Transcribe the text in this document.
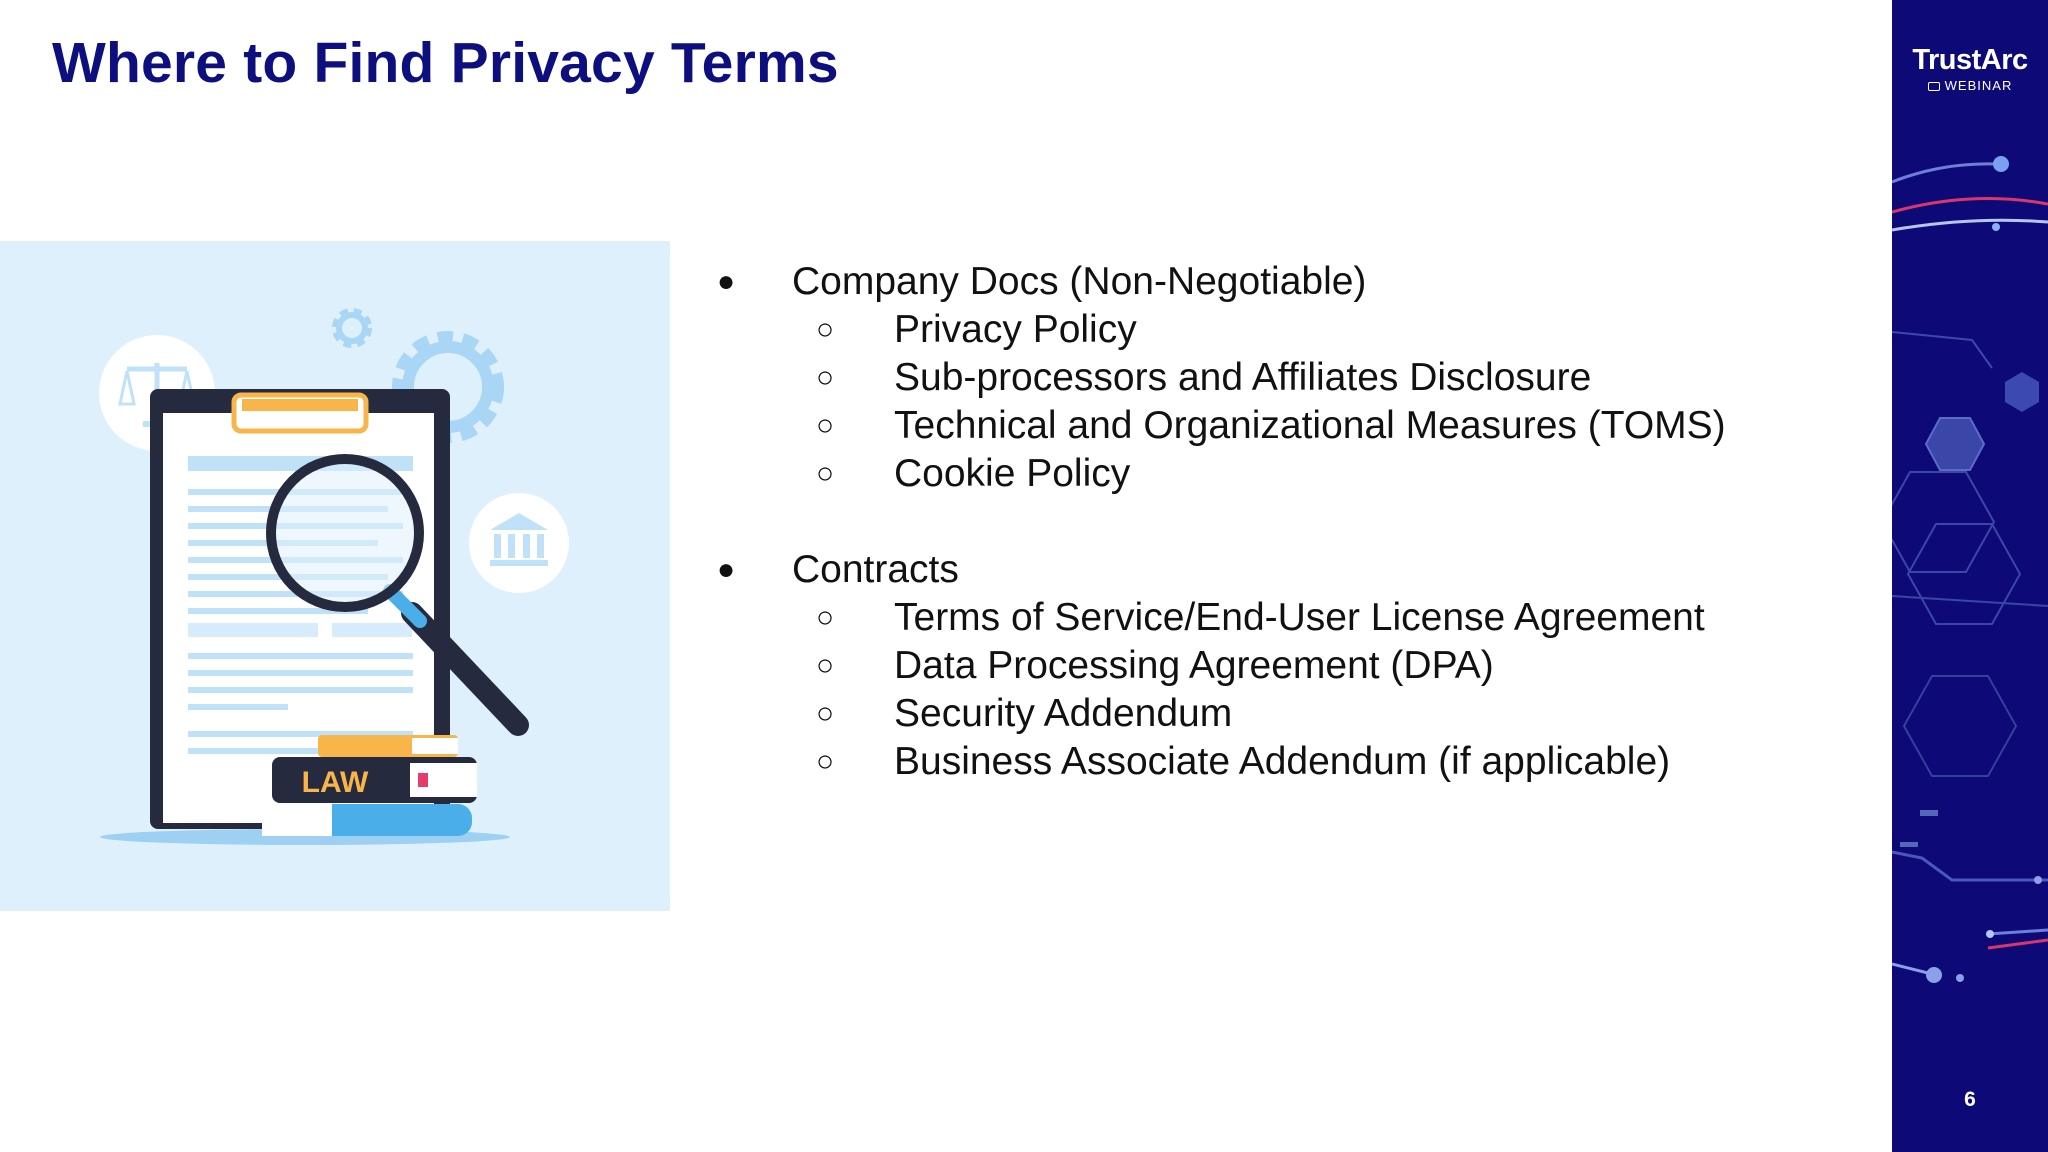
Where to Find Privacy Terms
LAW
● Company Docs (Non-Negotiable)
○ Privacy Policy
○ Sub-processors and Affiliates Disclosure
○ Technical and Organizational Measures (TOMS)
○ Cookie Policy
● Contracts
○ Terms of Service/End-User License Agreement
○ Data Processing Agreement (DPA)
○ Security Addendum
○ Business Associate Addendum (if applicable)
TrustArc
WEBINAR
6
